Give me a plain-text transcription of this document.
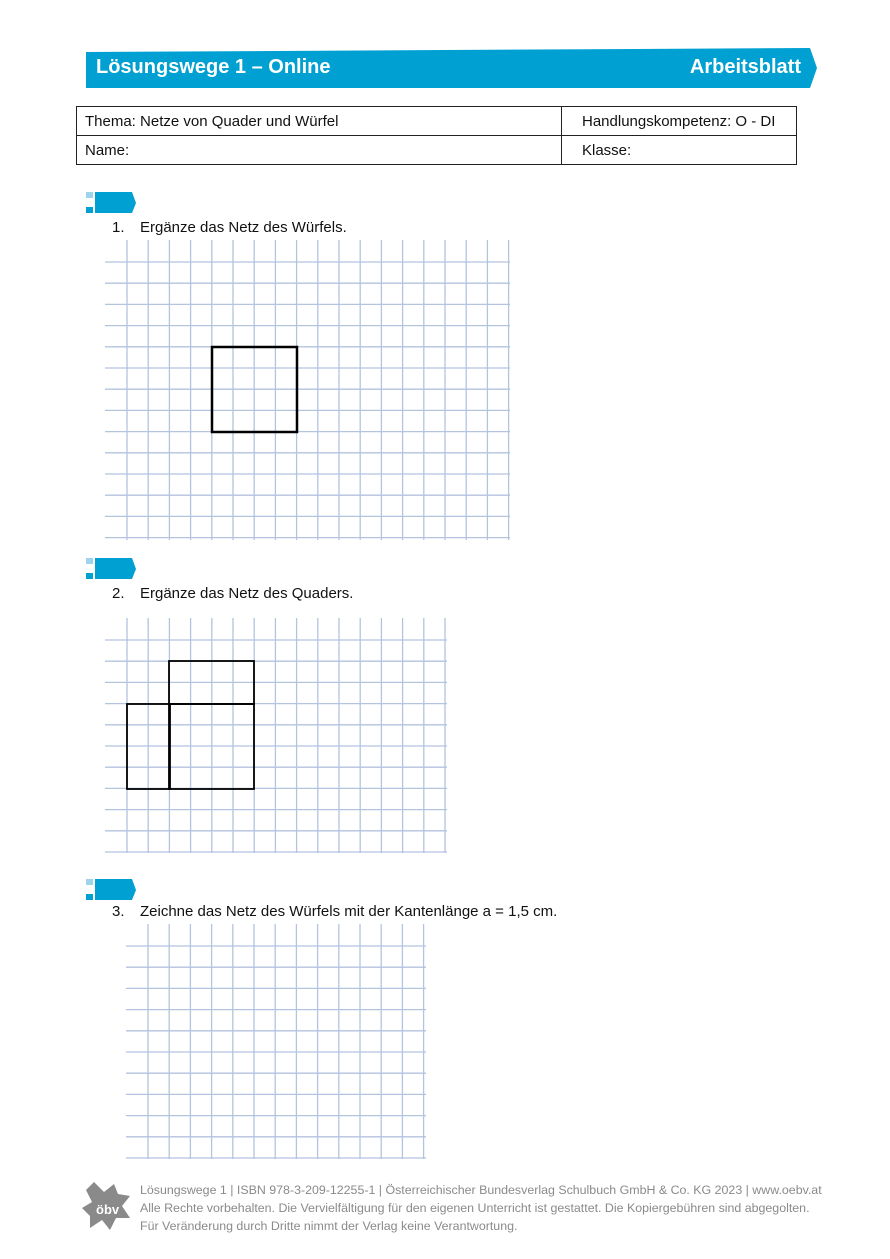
Lösungswege 1 – Online	Arbeitsblatt
Thema: Netze von Quader und Würfel	Handlungskompetenz: O - DI
Name:	Klasse:
1. Ergänze das Netz des Würfels.
2. Ergänze das Netz des Quaders.
3. Zeichne das Netz des Würfels mit der Kantenlänge a = 1,5 cm.
öbv
Lösungswege 1 | ISBN 978-3-209-12255-1 | Österreichischer Bundesverlag Schulbuch GmbH & Co. KG 2023 | www.oebv.at
Alle Rechte vorbehalten. Die Vervielfältigung für den eigenen Unterricht ist gestattet. Die Kopiergebühren sind abgegolten.
Für Veränderung durch Dritte nimmt der Verlag keine Verantwortung.
